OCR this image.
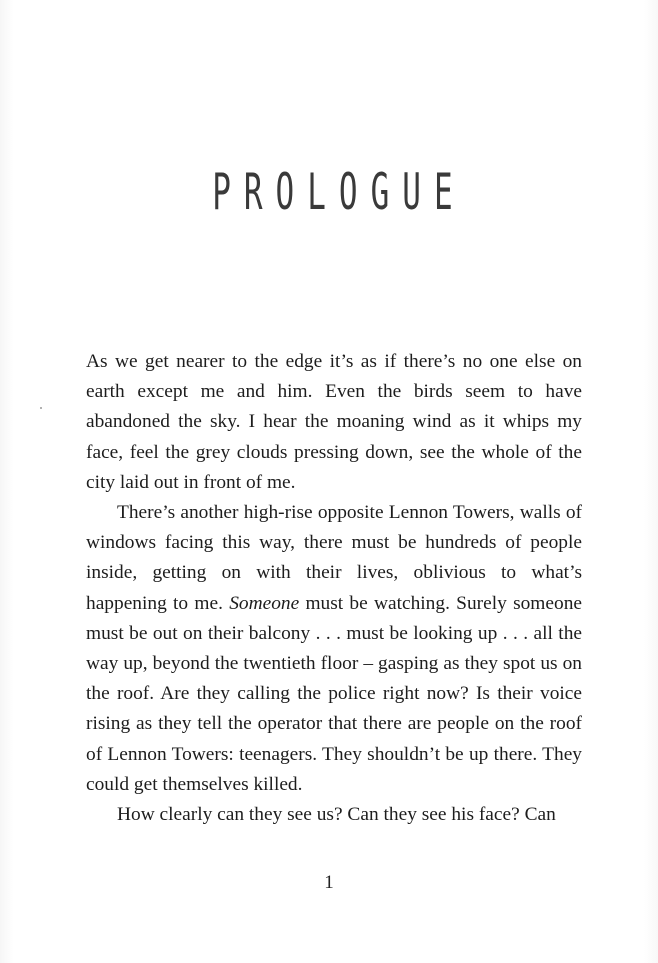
PROLOGUE

As we get nearer to the edge it’s as if there’s no one else on earth except me and him. Even the birds seem to have abandoned the sky. I hear the moaning wind as it whips my face, feel the grey clouds pressing down, see the whole of the city laid out in front of me.

There’s another high-rise opposite Lennon Towers, walls of windows facing this way, there must be hundreds of people inside, getting on with their lives, oblivious to what’s happening to me. Someone must be watching. Surely someone must be out on their balcony . . . must be looking up . . . all the way up, beyond the twentieth floor – gasping as they spot us on the roof. Are they calling the police right now? Is their voice rising as they tell the operator that there are people on the roof of Lennon Towers: teenagers. They shouldn’t be up there. They could get themselves killed.

How clearly can they see us? Can they see his face? Can

1
